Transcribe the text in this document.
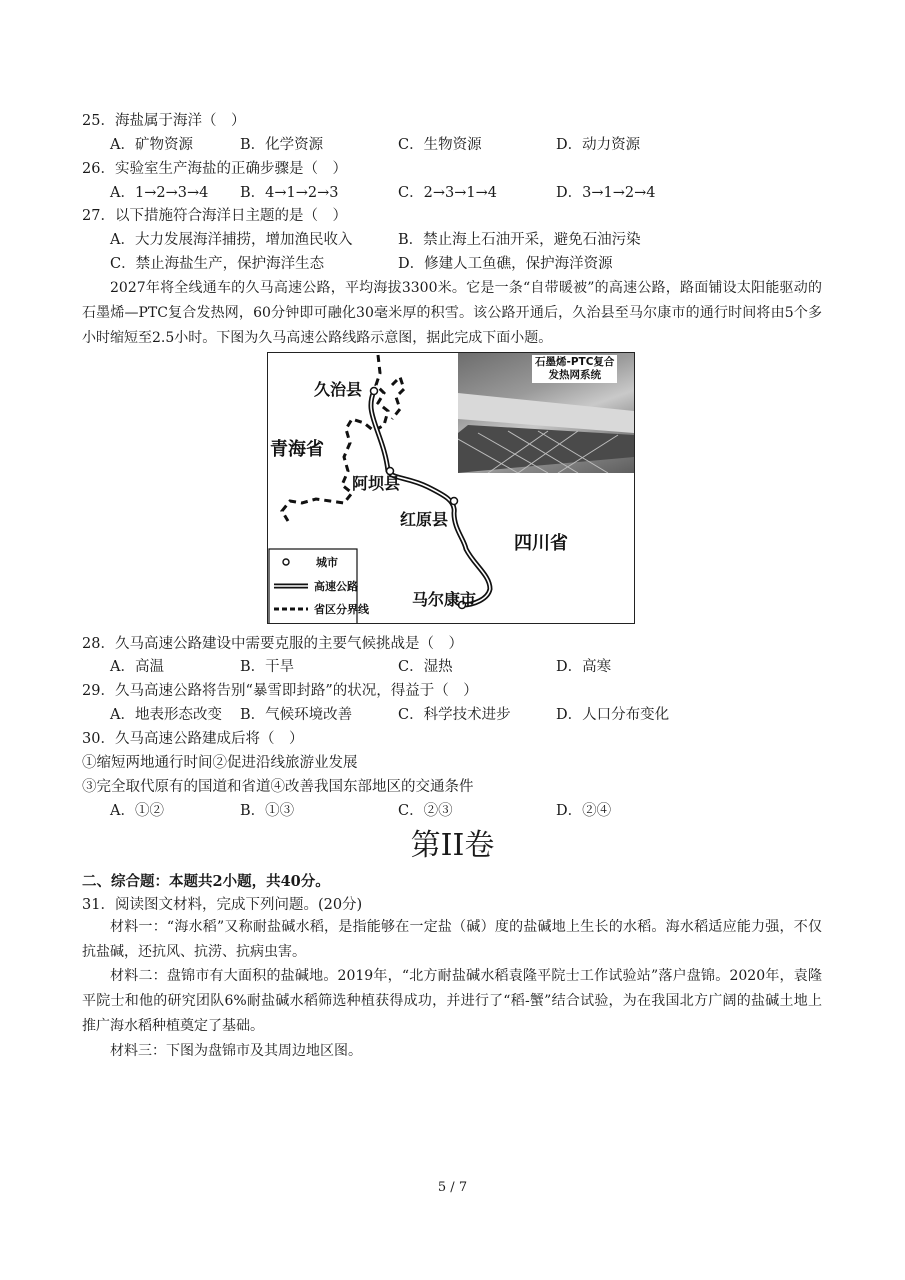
25．海盐属于海洋（　）
A．矿物资源	B．化学资源	C．生物资源	D．动力资源
26．实验室生产海盐的正确步骤是（　）
A．1→2→3→4 B．4→1→2→3	C．2→3→1→4	D．3→1→2→4
27．以下措施符合海洋日主题的是（　）
A．大力发展海洋捕捞，增加渔民收入	B．禁止海上石油开采，避免石油污染
C．禁止海盐生产，保护海洋生态	D．修建人工鱼礁，保护海洋资源
2027年将全线通车的久马高速公路，平均海拔3300米。它是一条“自带暖被”的高速公路，路面铺设太阳能驱动的石墨烯—PTC复合发热网，60分钟即可融化30毫米厚的积雪。该公路开通后，久治县至马尔康市的通行时间将由5个多小时缩短至2.5小时。下图为久马高速公路线路示意图，据此完成下面小题。
石墨烯-PTC复合
发热网系统
久治县
青海省
阿坝县
红原县
四川省
马尔康市
城市
高速公路
省区分界线
28．久马高速公路建设中需要克服的主要气候挑战是（　）
A．高温	B．干旱	C．湿热	D．高寒
29．久马高速公路将告别“暴雪即封路”的状况，得益于（　）
A．地表形态改变 B．气候环境改善	C．科学技术进步	D．人口分布变化
30．久马高速公路建成后将（　）
①缩短两地通行时间②促进沿线旅游业发展
③完全取代原有的国道和省道④改善我国东部地区的交通条件
A．①②	B．①③	C．②③	D．②④
第II卷
二、综合题：本题共2小题，共40分。
31．阅读图文材料，完成下列问题。(20分)
材料一：“海水稻”又称耐盐碱水稻，是指能够在一定盐（碱）度的盐碱地上生长的水稻。海水稻适应能力强，不仅抗盐碱，还抗风、抗涝、抗病虫害。
材料二：盘锦市有大面积的盐碱地。2019年，“北方耐盐碱水稻袁隆平院士工作试验站”落户盘锦。2020年，袁隆平院士和他的研究团队6%耐盐碱水稻筛选种植获得成功，并进行了“稻-蟹”结合试验，为在我国北方广阔的盐碱土地上推广海水稻种植奠定了基础。
材料三：下图为盘锦市及其周边地区图。
5 / 7
